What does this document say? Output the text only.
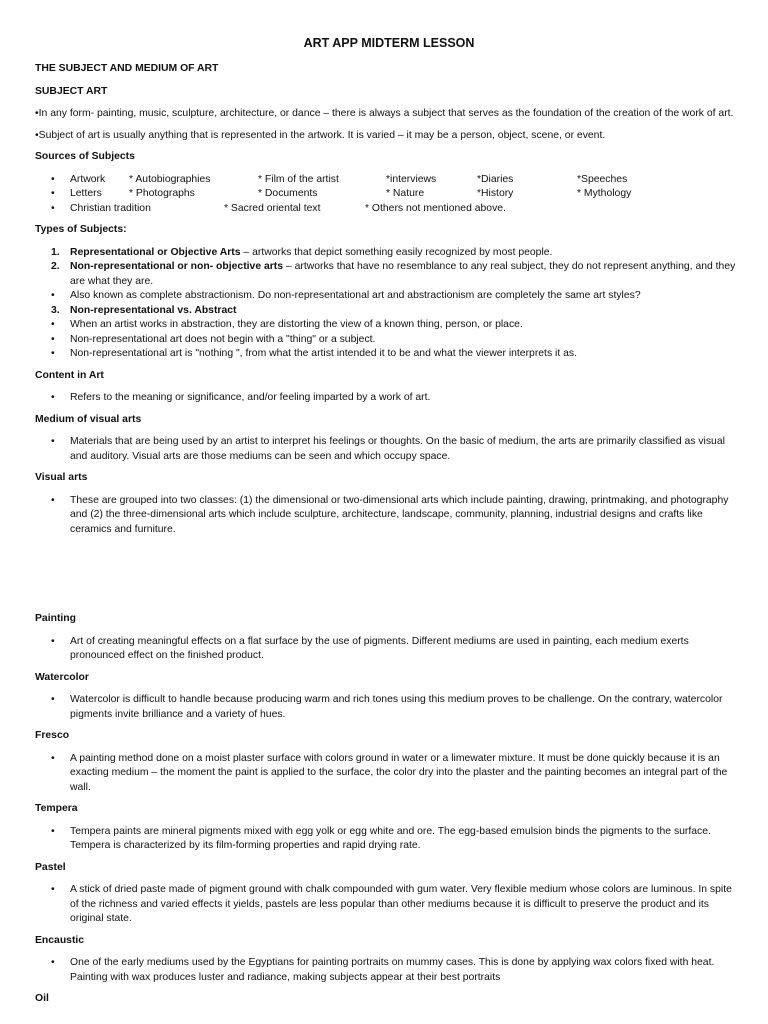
ART APP MIDTERM LESSON

THE SUBJECT AND MEDIUM OF ART

SUBJECT ART

•In any form- painting, music, sculpture, architecture, or dance – there is always a subject that serves as the foundation of the creation of the work of art.

•Subject of art is usually anything that is represented in the artwork. It is varied – it may be a person, object, scene, or event.

Sources of Subjects

• Artwork	* Autobiographies	* Film of the artist	*interviews	*Diaries	*Speeches
• Letters	* Photographs	* Documents	* Nature	*History	* Mythology
• Christian tradition	* Sacred oriental text	* Others not mentioned above.

Types of Subjects:

1. Representational or Objective Arts – artworks that depict something easily recognized by most people.
2. Non-representational or non- objective arts – artworks that have no resemblance to any real subject, they do not represent anything, and they are what they are.
• Also known as complete abstractionism. Do non-representational art and abstractionism are completely the same art styles?
3. Non-representational vs. Abstract
• When an artist works in abstraction, they are distorting the view of a known thing, person, or place.
• Non-representational art does not begin with a "thing" or a subject.
• Non-representational art is "nothing ", from what the artist intended it to be and what the viewer interprets it as.

Content in Art

• Refers to the meaning or significance, and/or feeling imparted by a work of art.

Medium of visual arts

• Materials that are being used by an artist to interpret his feelings or thoughts. On the basic of medium, the arts are primarily classified as visual and auditory. Visual arts are those mediums can be seen and which occupy space.

Visual arts

• These are grouped into two classes: (1) the dimensional or two-dimensional arts which include painting, drawing, printmaking, and photography and (2) the three-dimensional arts which include sculpture, architecture, landscape, community, planning, industrial designs and crafts like ceramics and furniture.

Painting

• Art of creating meaningful effects on a flat surface by the use of pigments. Different mediums are used in painting, each medium exerts pronounced effect on the finished product.

Watercolor

• Watercolor is difficult to handle because producing warm and rich tones using this medium proves to be challenge. On the contrary, watercolor pigments invite brilliance and a variety of hues.

Fresco

• A painting method done on a moist plaster surface with colors ground in water or a limewater mixture. It must be done quickly because it is an exacting medium – the moment the paint is applied to the surface, the color dry into the plaster and the painting becomes an integral part of the wall.

Tempera

• Tempera paints are mineral pigments mixed with egg yolk or egg white and ore. The egg-based emulsion binds the pigments to the surface. Tempera is characterized by its film-forming properties and rapid drying rate.

Pastel

• A stick of dried paste made of pigment ground with chalk compounded with gum water. Very flexible medium whose colors are luminous. In spite of the richness and varied effects it yields, pastels are less popular than other mediums because it is difficult to preserve the product and its original state.

Encaustic

• One of the early mediums used by the Egyptians for painting portraits on mummy cases. This is done by applying wax colors fixed with heat. Painting with wax produces luster and radiance, making subjects appear at their best portraits

Oil
